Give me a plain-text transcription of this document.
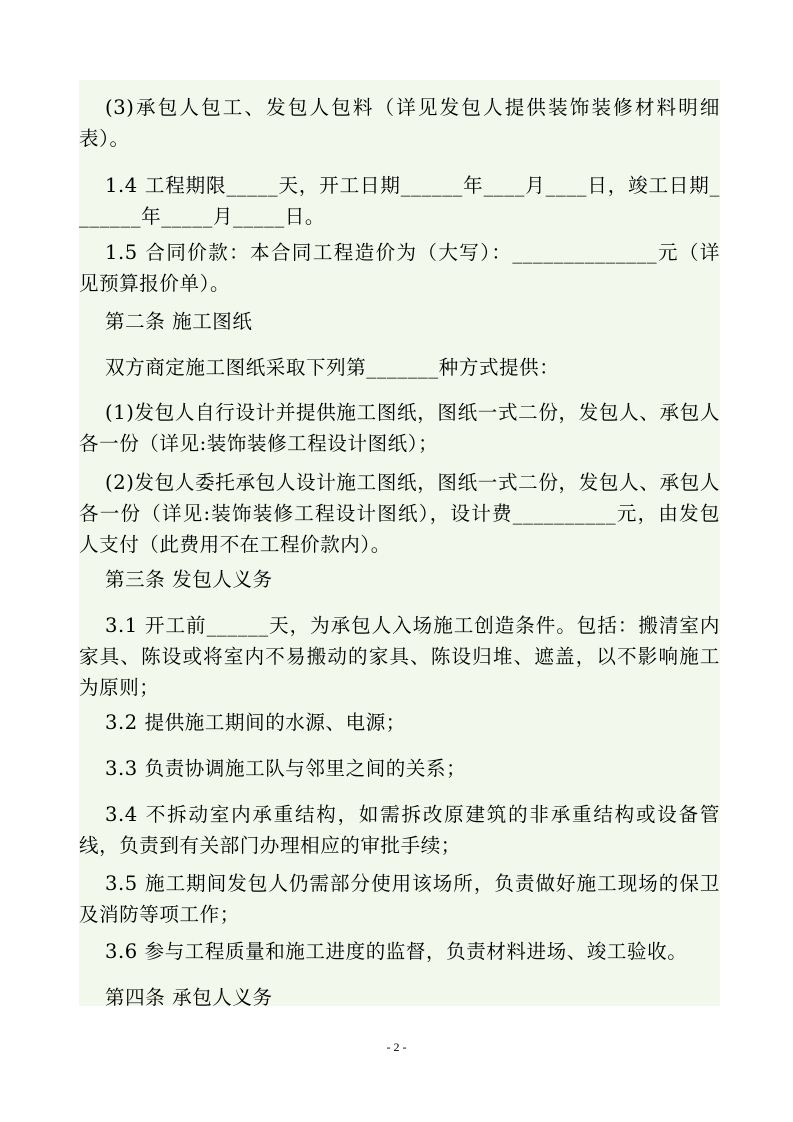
(3)承包人包工、发包人包料（详见发包人提供装饰装修材料明细表）。

1.4 工程期限_____天，开工日期______年____月____日，竣工日期_______年_____月_____日。

1.5 合同价款：本合同工程造价为（大写）：______________元（详见预算报价单）。

第二条 施工图纸

双方商定施工图纸采取下列第_______种方式提供：

(1)发包人自行设计并提供施工图纸，图纸一式二份，发包人、承包人各一份（详见:装饰装修工程设计图纸）；

(2)发包人委托承包人设计施工图纸，图纸一式二份，发包人、承包人各一份（详见:装饰装修工程设计图纸），设计费__________元，由发包人支付（此费用不在工程价款内）。

第三条 发包人义务

3.1 开工前______天，为承包人入场施工创造条件。包括：搬清室内家具、陈设或将室内不易搬动的家具、陈设归堆、遮盖，以不影响施工为原则；

3.2 提供施工期间的水源、电源；

3.3 负责协调施工队与邻里之间的关系；

3.4 不拆动室内承重结构，如需拆改原建筑的非承重结构或设备管线，负责到有关部门办理相应的审批手续；

3.5 施工期间发包人仍需部分使用该场所，负责做好施工现场的保卫及消防等项工作；

3.6 参与工程质量和施工进度的监督，负责材料进场、竣工验收。

第四条 承包人义务

- 2 -
